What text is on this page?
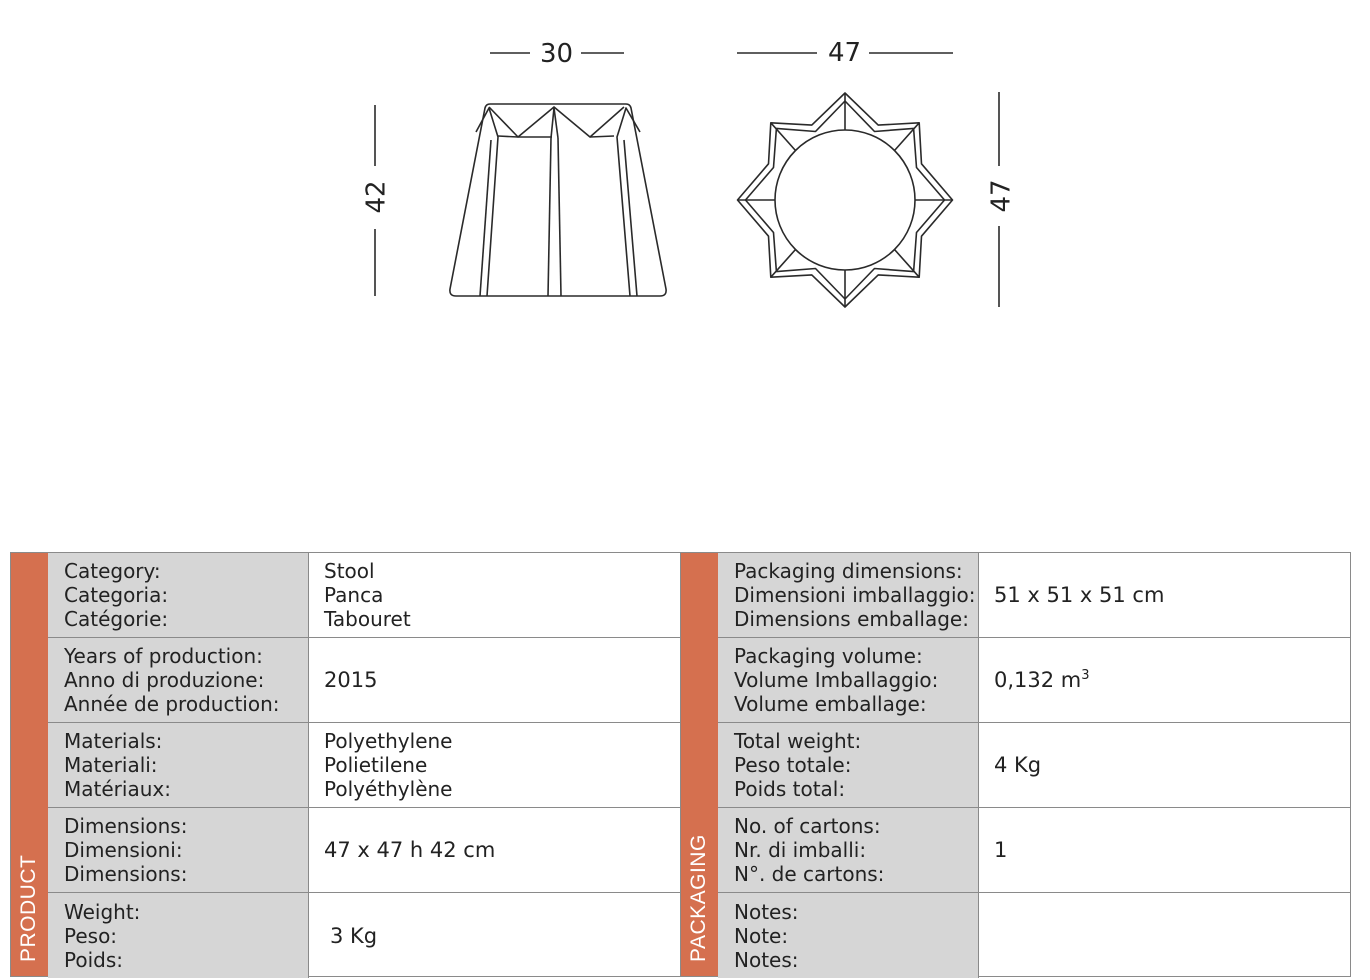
30
42
47
47
PRODUCT
Category:
Categoria:
Catégorie:
Stool
Panca
Tabouret
Years of production:
Anno di produzione:
Année de production:
2015
Materials:
Materiali:
Matériaux:
Polyethylene
Polietilene
Polyéthylène
Dimensions:
Dimensioni:
Dimensions:
47 x 47 h 42 cm
Weight:
Peso:
Poids:
3 Kg	PACKAGING
Packaging dimensions:
Dimensioni imballaggio:
Dimensions emballage:
51 x 51 x 51 cm
Packaging volume:
Volume Imballaggio:
Volume emballage:
0,132 $m^3$
Total weight:
Peso totale:
Poids total:
4 Kg
No. of cartons:
Nr. di imballi:
N°. de cartons:
1
Notes:
Note:
Notes:
